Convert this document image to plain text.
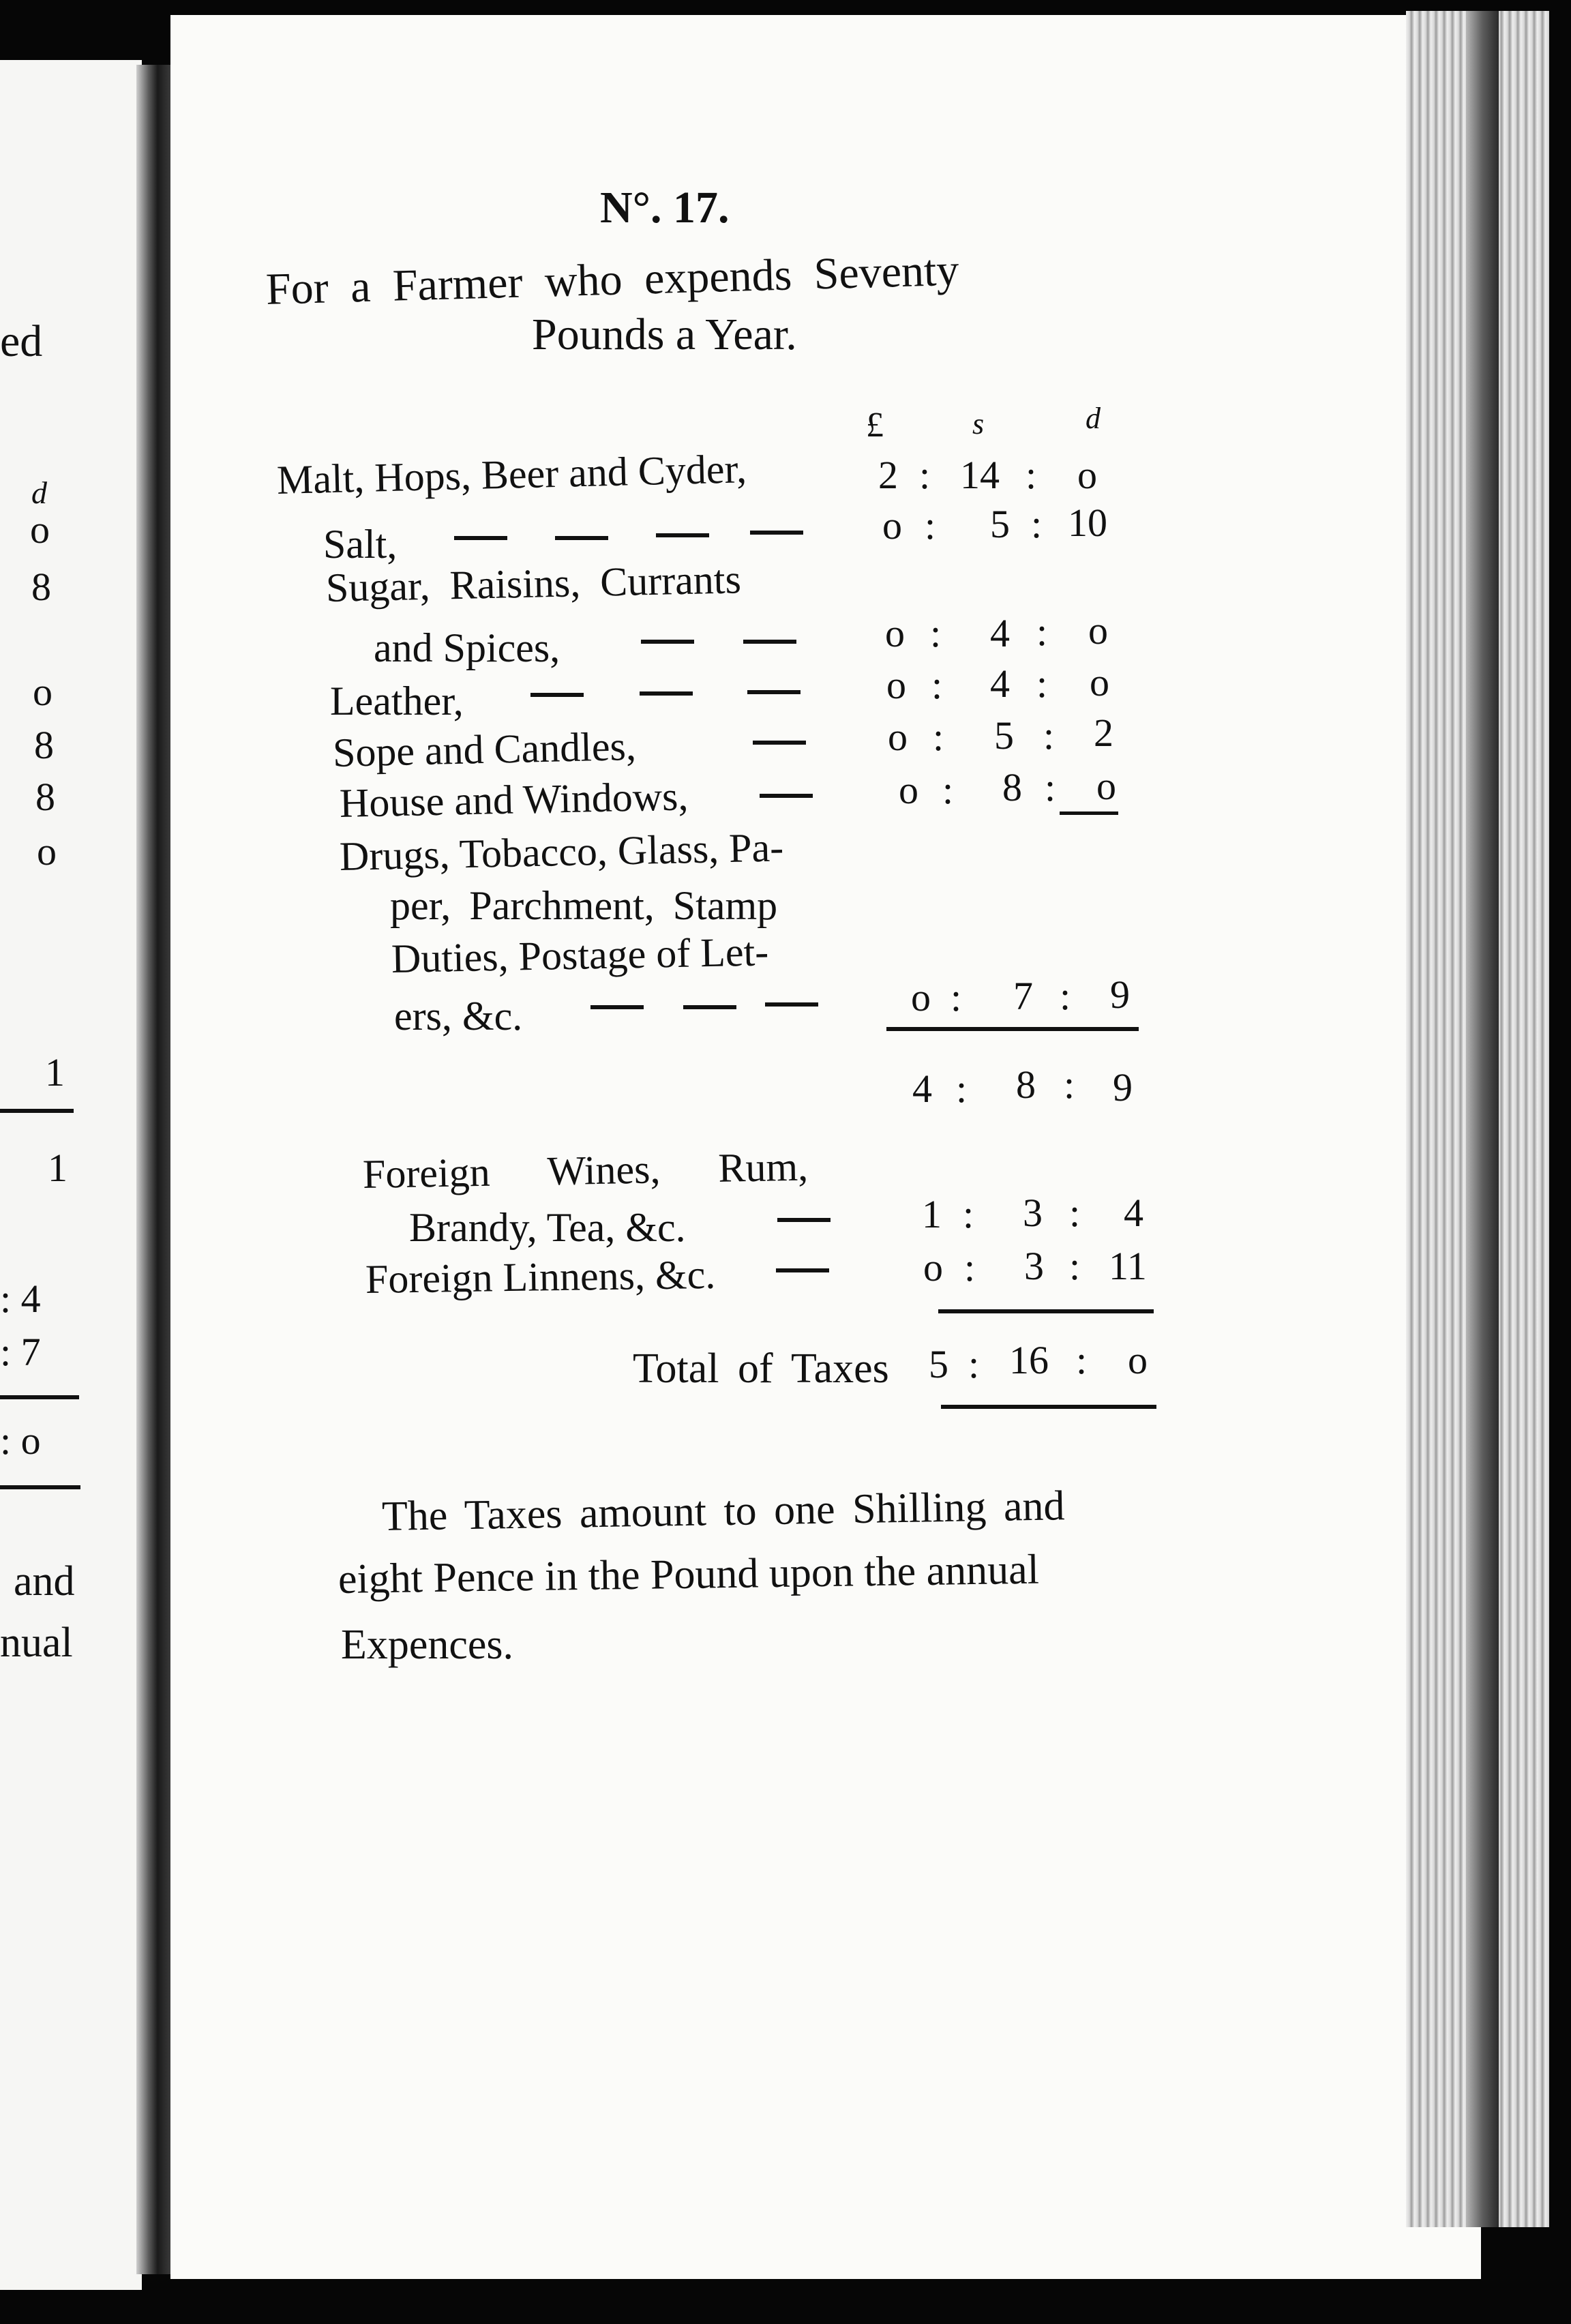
ed
d
o
8
o
8
8
o
1
1
: 4
: 7
: o
and
nual
N°. 17.
For a Farmer who expends Seventy
Pounds a Year.
£	s	d
Malt, Hops, Beer and Cyder,	2 : 14 : o
Salt,	o : 5 : 10
Sugar, Raisins, Currants
and Spices,	o : 4 : o
Leather,	o : 4 : o
Sope and Candles,	o : 5 : 2
House and Windows,	o : 8 : o
Drugs, Tobacco, Glass, Pa-
per, Parchment, Stamp
Duties, Postage of Let-
ers, &c.	o : 7 : 9
4 : 8 : 9
Foreign Wines, Rum,
Brandy, Tea, &c.	1 : 3 : 4
Foreign Linnens, &c.	o : 3 : 11
Total of Taxes 5 : 16 : o
The Taxes amount to one Shilling and
eight Pence in the Pound upon the annual
Expences.
